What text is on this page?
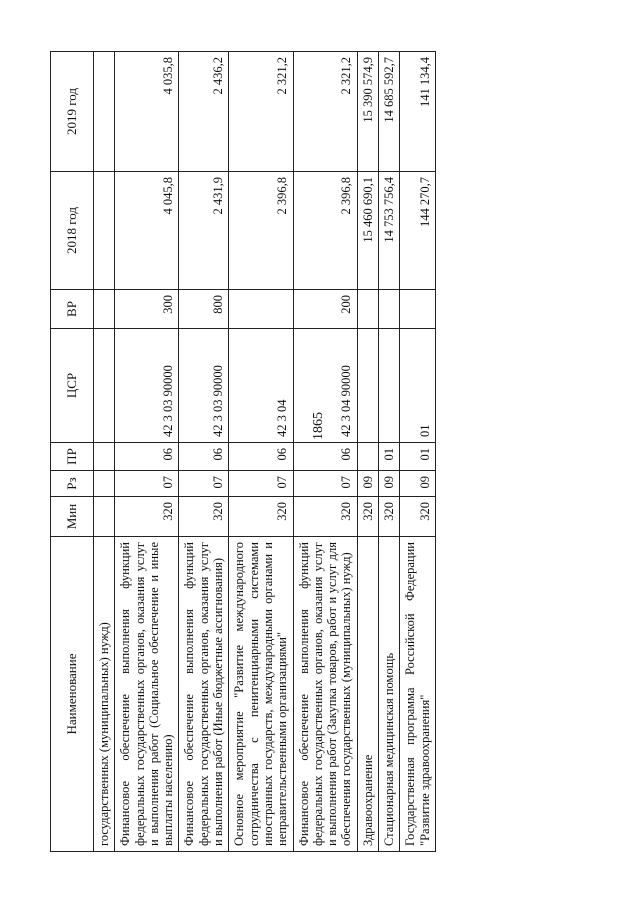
1865
Наименование	Мин	Рз	ПР	ЦСР	ВР	2018 год	2019 год
государственных (муниципальных) нужд)							
Финансовое обеспечение выполнения функций федеральных государственных органов, оказания услуг и выполнения работ (Социальное обеспечение и иные выплаты населению)	320	07	06	42 3 03 90000	300	4 045,8	4 035,8
Финансовое обеспечение выполнения функций федеральных государственных органов, оказания услуг и выполнения работ (Иные бюджетные ассигнования)	320	07	06	42 3 03 90000	800	2 431,9	2 436,2
Основное мероприятие "Развитие международного сотрудничества с пенитенциарными системами иностранных государств, международными органами и неправительственными организациями"	320	07	06	42 3 04		2 396,8	2 321,2
Финансовое обеспечение выполнения функций федеральных государственных органов, оказания услуг и выполнения работ (Закупка товаров, работ и услуг для обеспечения государственных (муниципальных) нужд)	320	07	06	42 3 04 90000	200	2 396,8	2 321,2
Здравоохранение	320	09				15 460 690,1	15 390 574,9
Стационарная медицинская помощь	320	09	01			14 753 756,4	14 685 592,7
Государственная программа Российской Федерации "Развитие здравоохранения"	320	09	01	01		144 270,7	141 134,4
